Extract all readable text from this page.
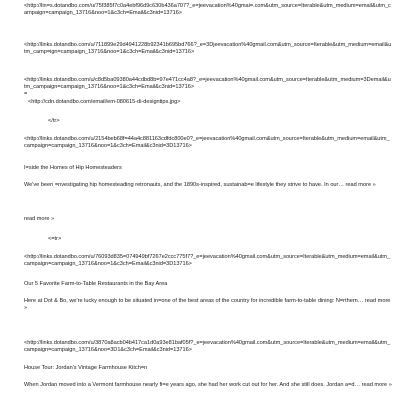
<http://lin=s.dotandbo.com/u/75f385f7c0a4ebf96d9c630b436a707?_e=jeevacation%40gmai=.com&utm_source=Iterable&utm_medium=email&utm_campaign=campaign_13716&noo=1&c3ch=Email&c3nid=13716>
<http://links.dotandbo.com/u/711899e29d4941228b92341b695bd766?_e=3Djeevacation%40gmail.com&utm_source=Iterable&utm_medium=email&utm_camp=ign=campaign_13716&noo=1&c3ch=Email&c3nid=13716>
<http://links.dotandbo.com/u/c8d5ba09380a44cdbd8b=97e471cc4a8?_e=jeevacation%40gmail.com&utm_source=Iterable&utm_medium=3Demail&utm_campaign=campaign_13716&noo=1&c3ch=Email&c3nid=13716>
=
<http://cdn.dotandbo.com/email/em-080615-di-designtips.jpg>
</tr>
<http://links.dotandbo.com/u/2154beb68f=44a4c881163cdfdc800e0?_e=jeevacation%40gmail.com&utm_source=Iterable&utm_medium=email&utm_campaign=campaign_13716&noo=1&c3ch=Email&c3nid=3D13716>
I=side the Homes of Hip Homesteaders
We've been =nvestigating hip homesteading retronauts, and the 1890s-inspired, sustainab=e lifestyle they strive to have. In our… read more »
read more »
<=tr>
<http://links.dotandbo.com/u/76093d835=074949bf7267e2ccc775f7?_e=jeevacation%40gmail.com&utm_source=Iterable&utm_medium=email&utm_campaign=campaign_13716&noo=1&c3ch=Email&c3nid=3D13716>
Our 5 Favorite Farm-to-Table Restaurants in the Bay Area
Here at Dot & Bo, we're lucky enough to be situated in=one of the best areas of the country for incredible farm-to-table dining: N=rthern… read more »
<http://links.dotandbo.com/u/3870a8acb04b417ca1d0a93e81baf05f?_e=jeevacation%40gmail.com&utm_source=Iterable&utm_medium=email&utm_campaign=campaign_13716&noo=3D1&c3ch=Email&c3nid=13716>
House Tour: Jordan's Vintage Farmhouse Kitch=n
When Jordan moved into a Vermont farmhouse nearly fi=e years ago, she had her work cut out for her. And she still does. Jordan a=d… read more »
